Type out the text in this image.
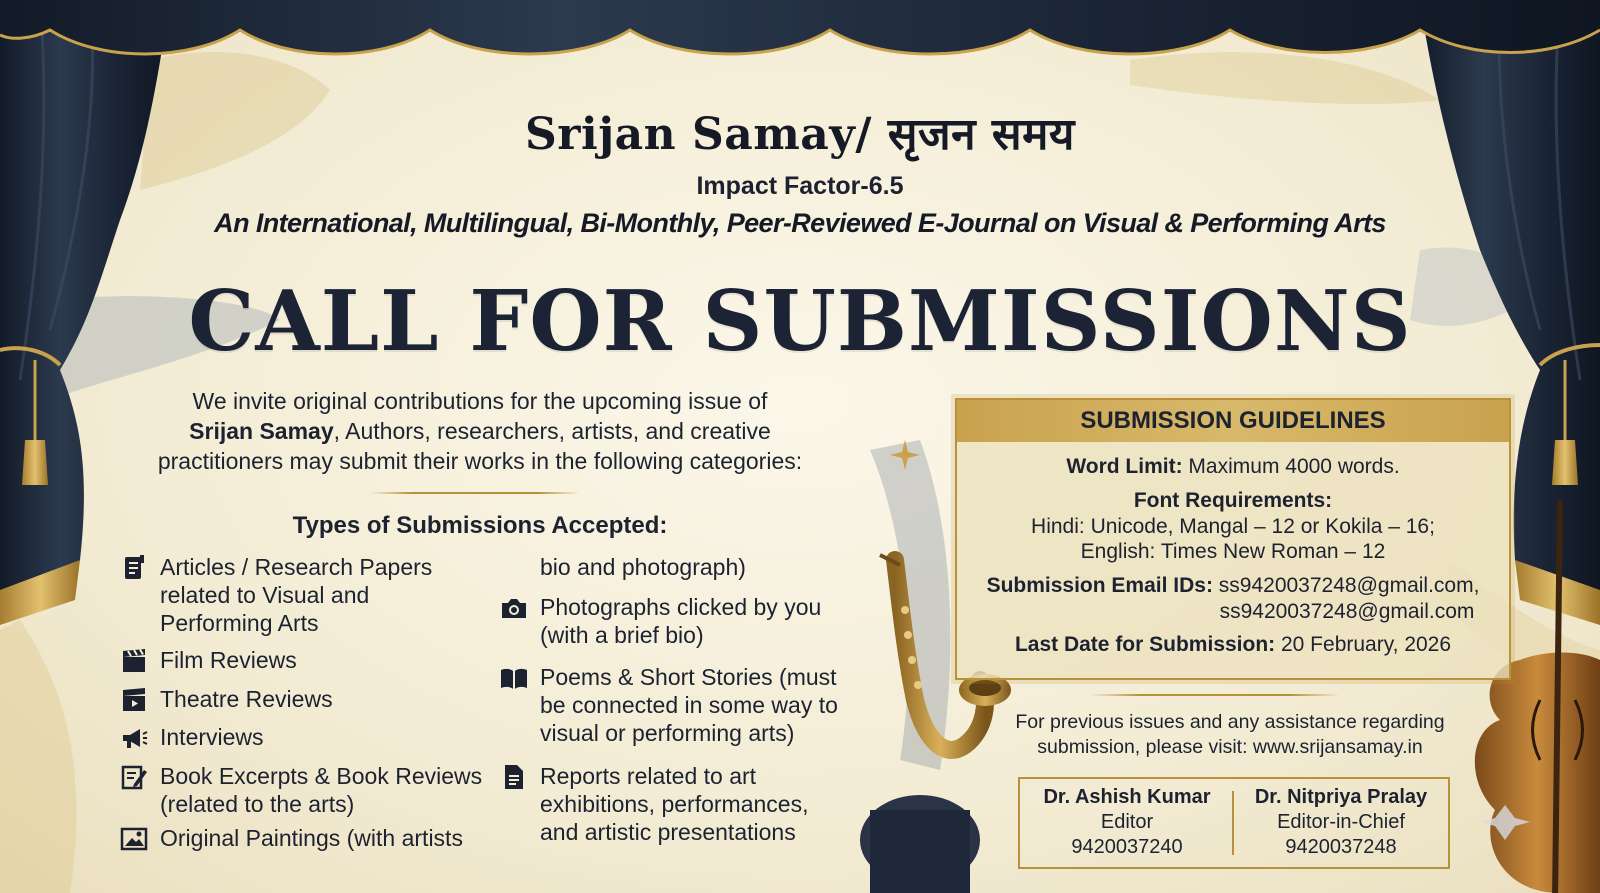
Srijan Samay/ सृजन समय
Impact Factor-6.5
An International, Multilingual, Bi-Monthly, Peer-Reviewed E-Journal on Visual & Performing Arts
CALL FOR SUBMISSIONS
We invite original contributions for the upcoming issue of
Srijan Samay, Authors, researchers, artists, and creative
practitioners may submit their works in the following categories:
Types of Submissions Accepted:
Articles / Research Papers related to Visual and Performing Arts
Film Reviews
Theatre Reviews
Interviews
Book Excerpts & Book Reviews (related to the arts)
Original Paintings (with artists
bio and photograph)
Photographs clicked by you (with a brief bio)
Poems & Short Stories (must be connected in some way to visual or performing arts)
Reports related to art exhibitions, performances, and artistic presentations
SUBMISSION GUIDELINES
Word Limit: Maximum 4000 words.
Font Requirements:
Hindi: Unicode, Mangal – 12 or Kokila – 16;
English: Times New Roman – 12
Submission Email IDs: ss9420037248@gmail.com,
ss9420037248@gmail.com
Last Date for Submission: 20 February, 2026
For previous issues and any assistance regarding
submission, please visit: www.srijansamay.in
Dr. Ashish Kumar
Editor
9420037240
Dr. Nitpriya Pralay
Editor-in-Chief
9420037248
